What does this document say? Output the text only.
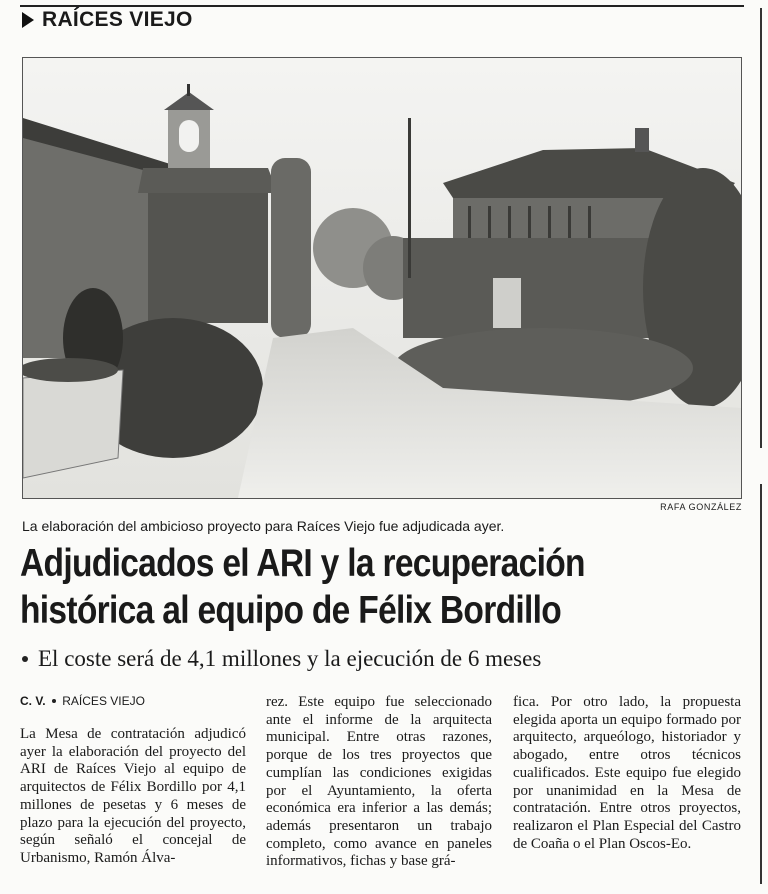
RAÍCES VIEJO
RAFA GONZÁLEZ
La elaboración del ambicioso proyecto para Raíces Viejo fue adjudicada ayer.
Adjudicados el ARI y la recuperación
histórica al equipo de Félix Bordillo
El coste será de 4,1 millones y la ejecución de 6 meses
C. V. RAÍCES VIEJO

La Mesa de contratación adjudicó ayer la elaboración del proyecto del ARI de Raíces Viejo al equipo de arquitectos de Félix Bordillo por 4,1 millones de pesetas y 6 meses de plazo para la ejecución del proyecto, según señaló el concejal de Urbanismo, Ramón Álva-

rez. Este equipo fue seleccionado ante el informe de la arquitecta municipal. Entre otras razones, porque de los tres proyectos que cumplían las condiciones exigidas por el Ayuntamiento, la oferta económica era inferior a las demás; además presentaron un trabajo completo, como avance en paneles informativos, fichas y base grá-

fica. Por otro lado, la propuesta elegida aporta un equipo formado por arquitecto, arqueólogo, historiador y abogado, entre otros técnicos cualificados. Este equipo fue elegido por unanimidad en la Mesa de contratación. Entre otros proyectos, realizaron el Plan Especial del Castro de Coaña o el Plan Oscos-Eo.
